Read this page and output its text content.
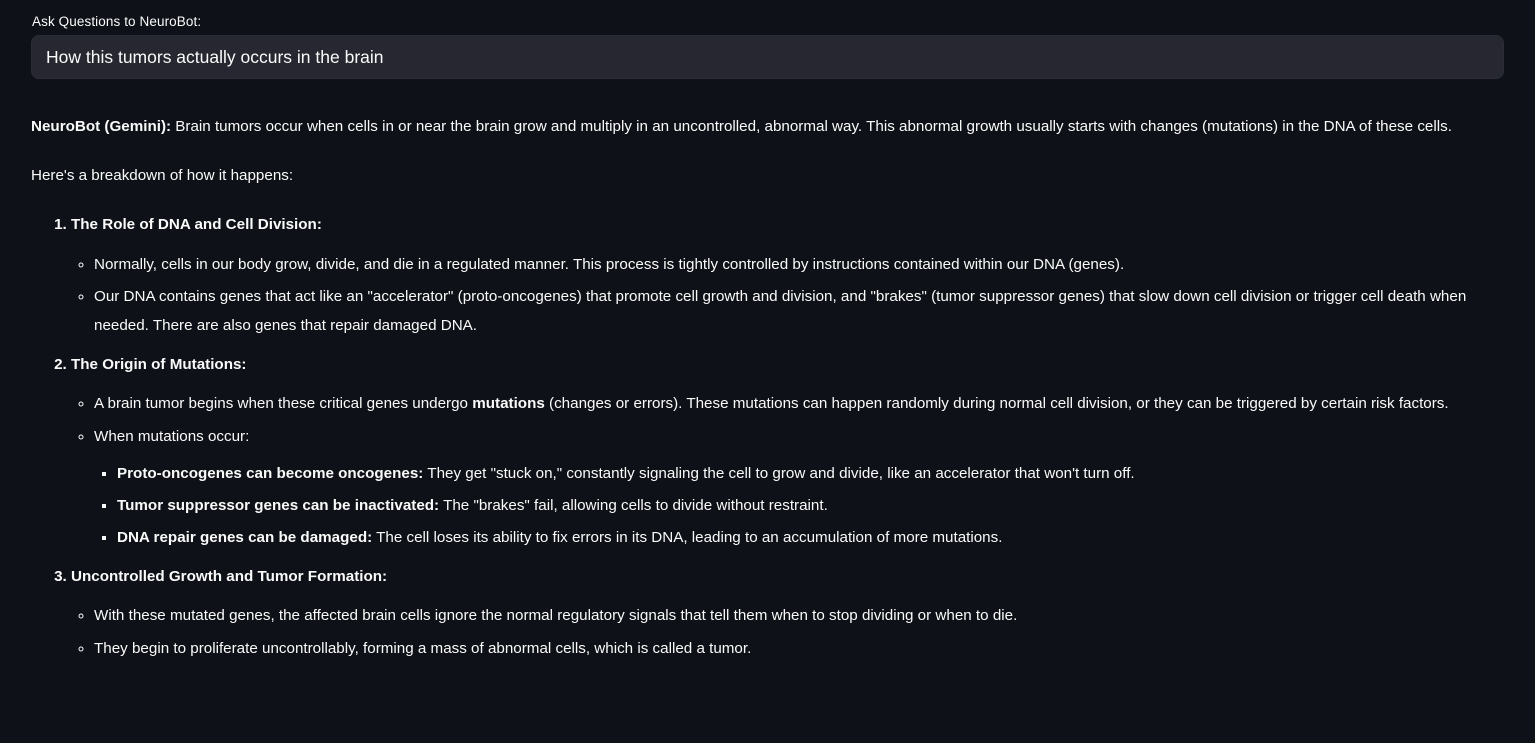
Ask Questions to NeuroBot:
How this tumors actually occurs in the brain

NeuroBot (Gemini): Brain tumors occur when cells in or near the brain grow and multiply in an uncontrolled, abnormal way. This abnormal growth usually starts with changes (mutations) in the DNA of these cells.

Here's a breakdown of how it happens:

1. The Role of DNA and Cell Division:
◦ Normally, cells in our body grow, divide, and die in a regulated manner. This process is tightly controlled by instructions contained within our DNA (genes).
◦ Our DNA contains genes that act like an "accelerator" (proto-oncogenes) that promote cell growth and division, and "brakes" (tumor suppressor genes) that slow down cell division or trigger cell death when needed. There are also genes that repair damaged DNA.
2. The Origin of Mutations:
◦ A brain tumor begins when these critical genes undergo mutations (changes or errors). These mutations can happen randomly during normal cell division, or they can be triggered by certain risk factors.
◦ When mutations occur:
▪ Proto-oncogenes can become oncogenes: They get "stuck on," constantly signaling the cell to grow and divide, like an accelerator that won't turn off.
▪ Tumor suppressor genes can be inactivated: The "brakes" fail, allowing cells to divide without restraint.
▪ DNA repair genes can be damaged: The cell loses its ability to fix errors in its DNA, leading to an accumulation of more mutations.
3. Uncontrolled Growth and Tumor Formation:
◦ With these mutated genes, the affected brain cells ignore the normal regulatory signals that tell them when to stop dividing or when to die.
◦ They begin to proliferate uncontrollably, forming a mass of abnormal cells, which is called a tumor.
